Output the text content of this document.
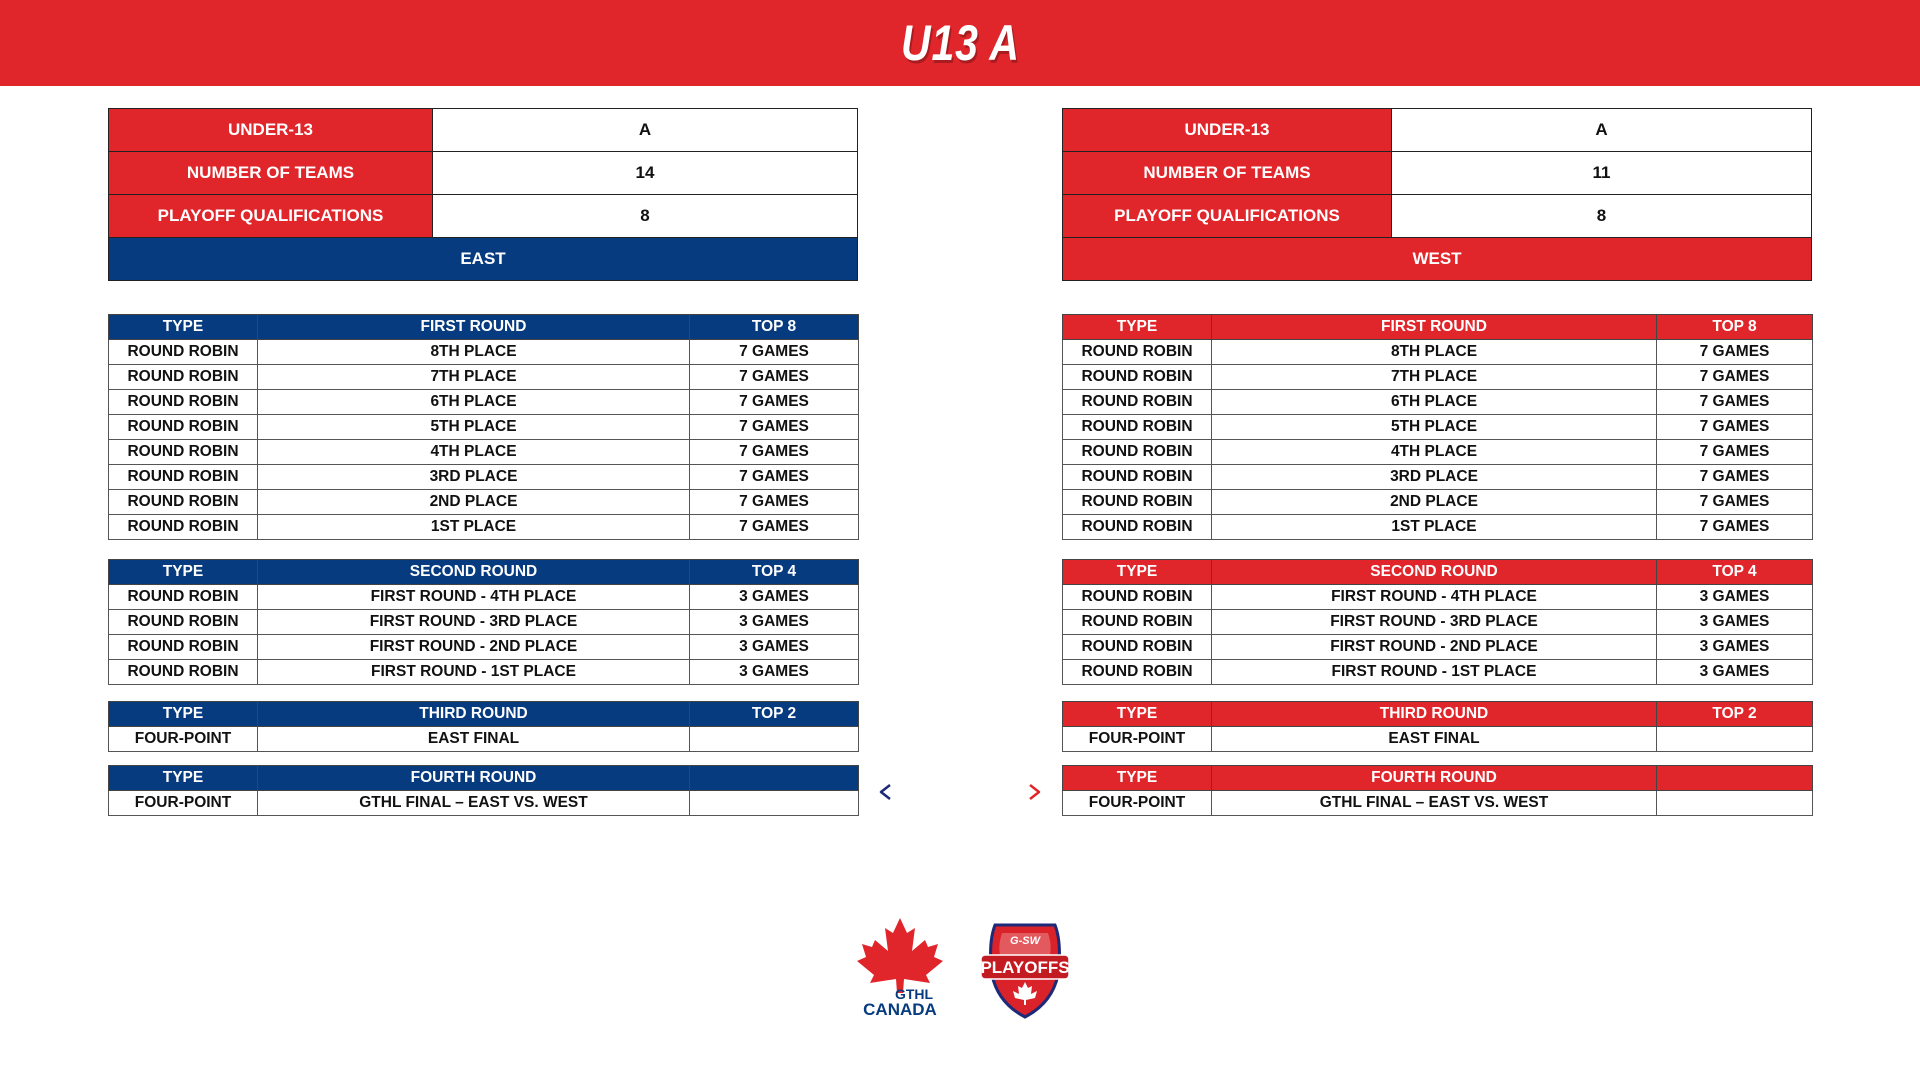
U13 A
UNDER-13	A
NUMBER OF TEAMS	14
PLAYOFF QUALIFICATIONS	8
EAST	
TYPE	FIRST ROUND	TOP 8
ROUND ROBIN	8TH PLACE	7 GAMES
ROUND ROBIN	7TH PLACE	7 GAMES
ROUND ROBIN	6TH PLACE	7 GAMES
ROUND ROBIN	5TH PLACE	7 GAMES
ROUND ROBIN	4TH PLACE	7 GAMES
ROUND ROBIN	3RD PLACE	7 GAMES
ROUND ROBIN	2ND PLACE	7 GAMES
ROUND ROBIN	1ST PLACE	7 GAMES
TYPE	SECOND ROUND	TOP 4
ROUND ROBIN	FIRST ROUND - 4TH PLACE	3 GAMES
ROUND ROBIN	FIRST ROUND - 3RD PLACE	3 GAMES
ROUND ROBIN	FIRST ROUND - 2ND PLACE	3 GAMES
ROUND ROBIN	FIRST ROUND - 1ST PLACE	3 GAMES
TYPE	THIRD ROUND	TOP 2
FOUR-POINT	EAST FINAL	
TYPE	FOURTH ROUND	
FOUR-POINT	GTHL FINAL – EAST VS. WEST	
UNDER-13	A
NUMBER OF TEAMS	11
PLAYOFF QUALIFICATIONS	8
WEST	
TYPE	FIRST ROUND	TOP 8
ROUND ROBIN	8TH PLACE	7 GAMES
ROUND ROBIN	7TH PLACE	7 GAMES
ROUND ROBIN	6TH PLACE	7 GAMES
ROUND ROBIN	5TH PLACE	7 GAMES
ROUND ROBIN	4TH PLACE	7 GAMES
ROUND ROBIN	3RD PLACE	7 GAMES
ROUND ROBIN	2ND PLACE	7 GAMES
ROUND ROBIN	1ST PLACE	7 GAMES
TYPE	SECOND ROUND	TOP 4
ROUND ROBIN	FIRST ROUND - 4TH PLACE	3 GAMES
ROUND ROBIN	FIRST ROUND - 3RD PLACE	3 GAMES
ROUND ROBIN	FIRST ROUND - 2ND PLACE	3 GAMES
ROUND ROBIN	FIRST ROUND - 1ST PLACE	3 GAMES
TYPE	THIRD ROUND	TOP 2
FOUR-POINT	EAST FINAL	
TYPE	FOURTH ROUND	
FOUR-POINT	GTHL FINAL – EAST VS. WEST	
GTHL
CANADA
G-SW
PLAYOFFS
